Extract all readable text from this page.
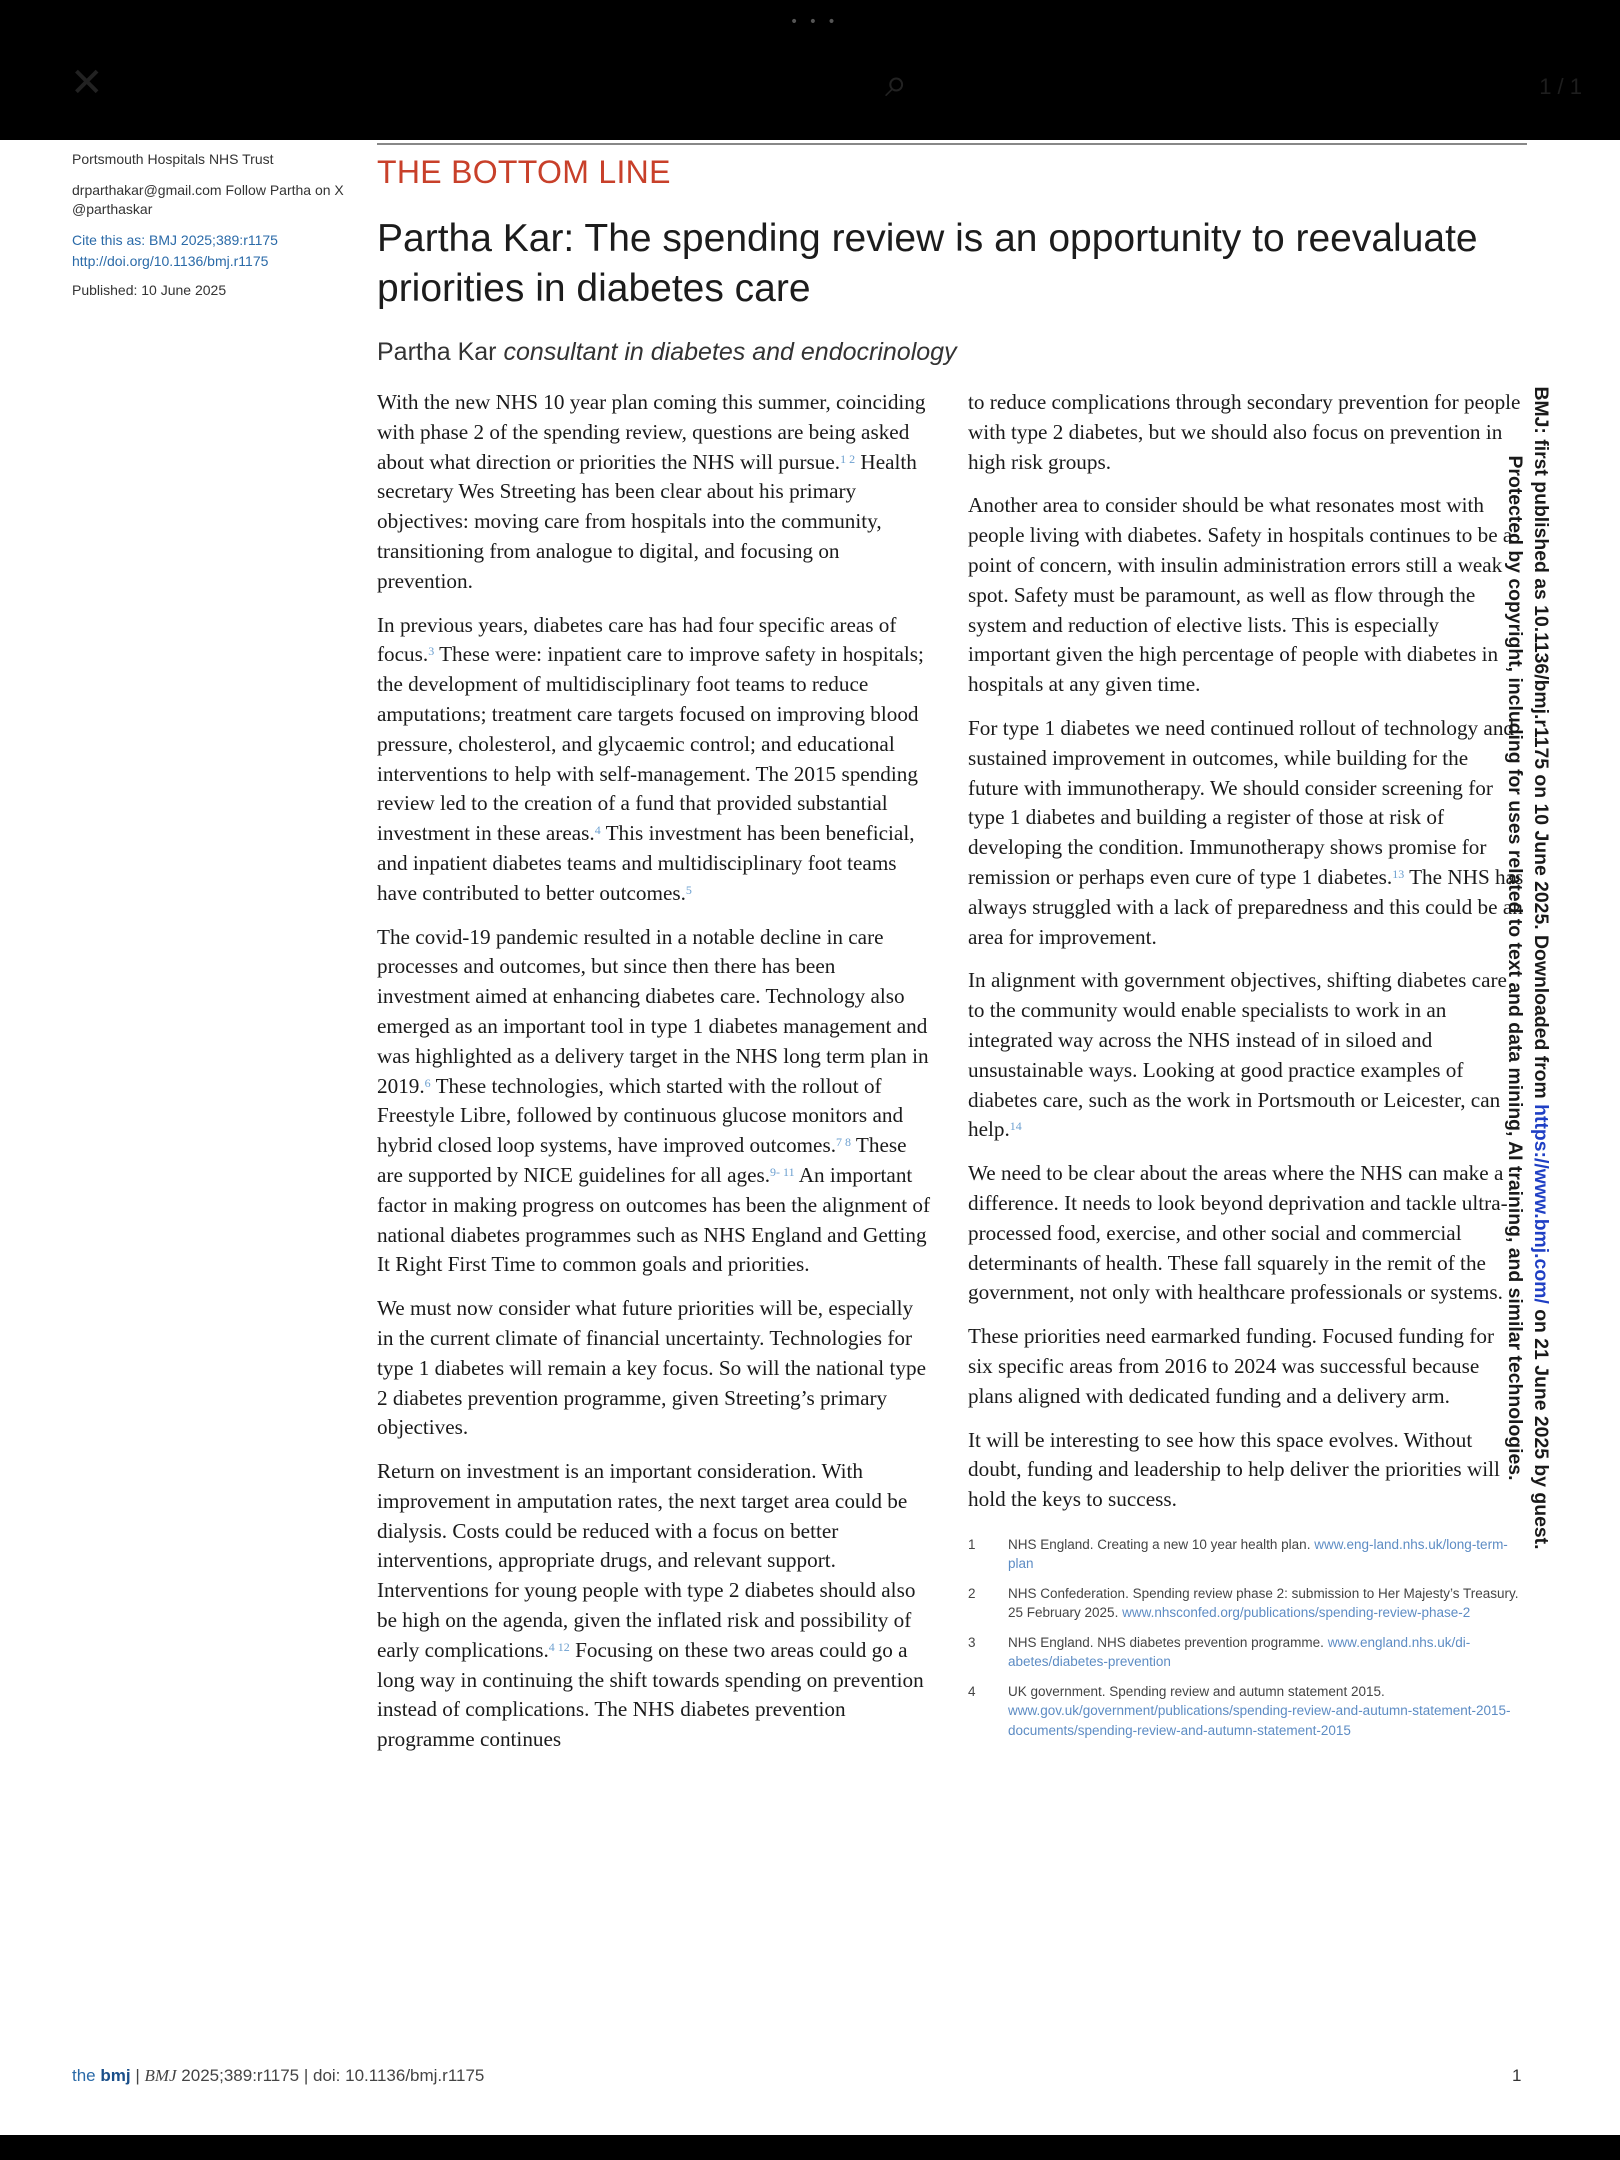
• • •
✕	⌕	1 / 1
Portsmouth Hospitals NHS Trust
drparthakar@gmail.com Follow Partha on X @parthaskar
Cite this as: BMJ 2025;389:r1175
http://doi.org/10.1136/bmj.r1175
Published: 10 June 2025
THE BOTTOM LINE
Partha Kar: The spending review is an opportunity to reevaluate priorities in diabetes care
Partha Kar consultant in diabetes and endocrinology

With the new NHS 10 year plan coming this summer, coinciding with phase 2 of the spending review, questions are being asked about what direction or priorities the NHS will pursue.$^{1 2}$ Health secretary Wes Streeting has been clear about his primary objectives: moving care from hospitals into the community, transitioning from analogue to digital, and focusing on prevention.

In previous years, diabetes care has had four specific areas of focus.$^3$ These were: inpatient care to improve safety in hospitals; the development of multidisciplinary foot teams to reduce amputations; treatment care targets focused on improving blood pressure, cholesterol, and glycaemic control; and educational interventions to help with self-management. The 2015 spending review led to the creation of a fund that provided substantial investment in these areas.$^4$ This investment has been beneficial, and inpatient diabetes teams and multidisciplinary foot teams have contributed to better outcomes.$^5$

The covid-19 pandemic resulted in a notable decline in care processes and outcomes, but since then there has been investment aimed at enhancing diabetes care. Technology also emerged as an important tool in type 1 diabetes management and was highlighted as a delivery target in the NHS long term plan in 2019.$^6$ These technologies, which started with the rollout of Freestyle Libre, followed by continuous glucose monitors and hybrid closed loop systems, have improved outcomes.$^{7 8}$ These are supported by NICE guidelines for all ages.$^{9- 11}$ An important factor in making progress on outcomes has been the alignment of national diabetes programmes such as NHS England and Getting It Right First Time to common goals and priorities.

We must now consider what future priorities will be, especially in the current climate of financial uncertainty. Technologies for type 1 diabetes will remain a key focus. So will the national type 2 diabetes prevention programme, given Streeting’s primary objectives.

Return on investment is an important consideration. With improvement in amputation rates, the next target area could be dialysis. Costs could be reduced with a focus on better interventions, appropriate drugs, and relevant support. Interventions for young people with type 2 diabetes should also be high on the agenda, given the inflated risk and possibility of early complications.$^{4 12}$ Focusing on these two areas could go a long way in continuing the shift towards spending on prevention instead of complications. The NHS diabetes prevention programme continues

to reduce complications through secondary prevention for people with type 2 diabetes, but we should also focus on prevention in high risk groups.

Another area to consider should be what resonates most with people living with diabetes. Safety in hospitals continues to be a point of concern, with insulin administration errors still a weak spot. Safety must be paramount, as well as flow through the system and reduction of elective lists. This is especially important given the high percentage of people with diabetes in hospitals at any given time.

For type 1 diabetes we need continued rollout of technology and sustained improvement in outcomes, while building for the future with immunotherapy. We should consider screening for type 1 diabetes and building a register of those at risk of developing the condition. Immunotherapy shows promise for remission or perhaps even cure of type 1 diabetes.$^{13}$ The NHS has always struggled with a lack of preparedness and this could be an area for improvement.

In alignment with government objectives, shifting diabetes care to the community would enable specialists to work in an integrated way across the NHS instead of in siloed and unsustainable ways. Looking at good practice examples of diabetes care, such as the work in Portsmouth or Leicester, can help.$^{14}$

We need to be clear about the areas where the NHS can make a difference. It needs to look beyond deprivation and tackle ultra-processed food, exercise, and other social and commercial determinants of health. These fall squarely in the remit of the government, not only with healthcare professionals or systems.

These priorities need earmarked funding. Focused funding for six specific areas from 2016 to 2024 was successful because plans aligned with dedicated funding and a delivery arm.

It will be interesting to see how this space evolves. Without doubt, funding and leadership to help deliver the priorities will hold the keys to success.

1	NHS England. Creating a new 10 year health plan. www.eng-land.nhs.uk/long-term-plan
2	NHS Confederation. Spending review phase 2: submission to Her Majesty’s Treasury. 25 February 2025. www.nhsconfed.org/publications/spending-review-phase-2
3	NHS England. NHS diabetes prevention programme. www.england.nhs.uk/di-abetes/diabetes-prevention
4	UK government. Spending review and autumn statement 2015. www.gov.uk/government/publications/spending-review-and-autumn-statement-2015-documents/spending-review-and-autumn-statement-2015
BMJ: first published as 10.1136/bmj.r1175 on 10 June 2025. Downloaded from https://www.bmj.com/ on 21 June 2025 by guest.
Protected by copyright, including for uses related to text and data mining, AI training, and similar technologies.
the bmj | BMJ 2025;389:r1175 | doi: 10.1136/bmj.r1175	1
